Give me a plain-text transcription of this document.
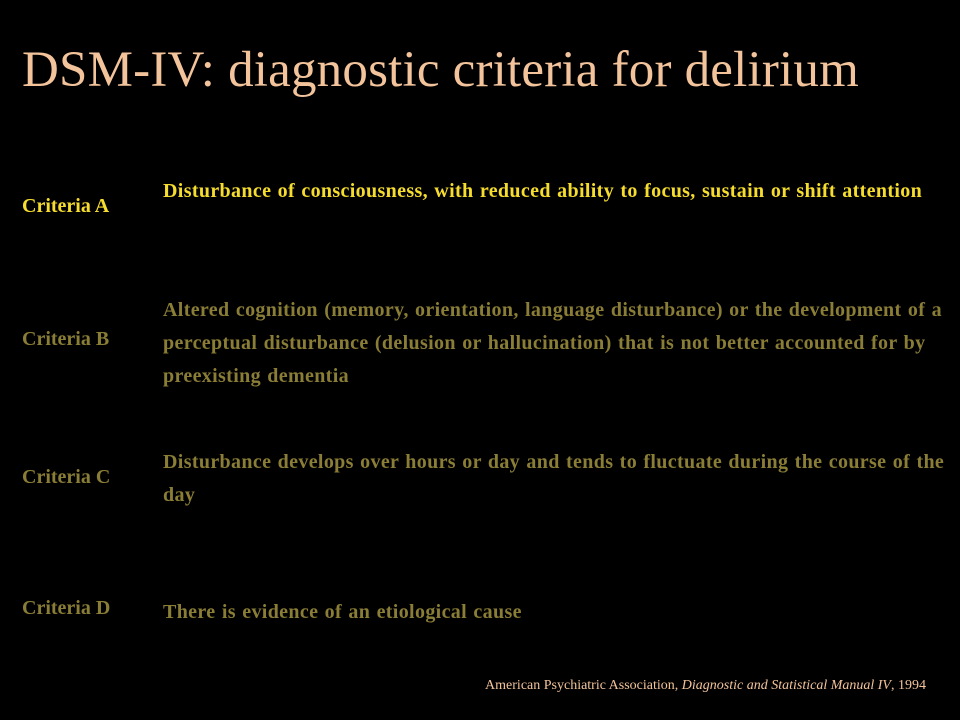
DSM-IV: diagnostic criteria for delirium
Criteria A
Disturbance of consciousness, with reduced ability to focus, sustain or shift attention
Criteria B
Altered cognition (memory, orientation, language disturbance) or the development of a perceptual disturbance (delusion or hallucination) that is not better accounted for by preexisting dementia
Criteria C
Disturbance develops over hours or day and tends to fluctuate during the course of the day
Criteria D	There is evidence of an etiological cause
American Psychiatric Association, Diagnostic and Statistical Manual IV, 1994
